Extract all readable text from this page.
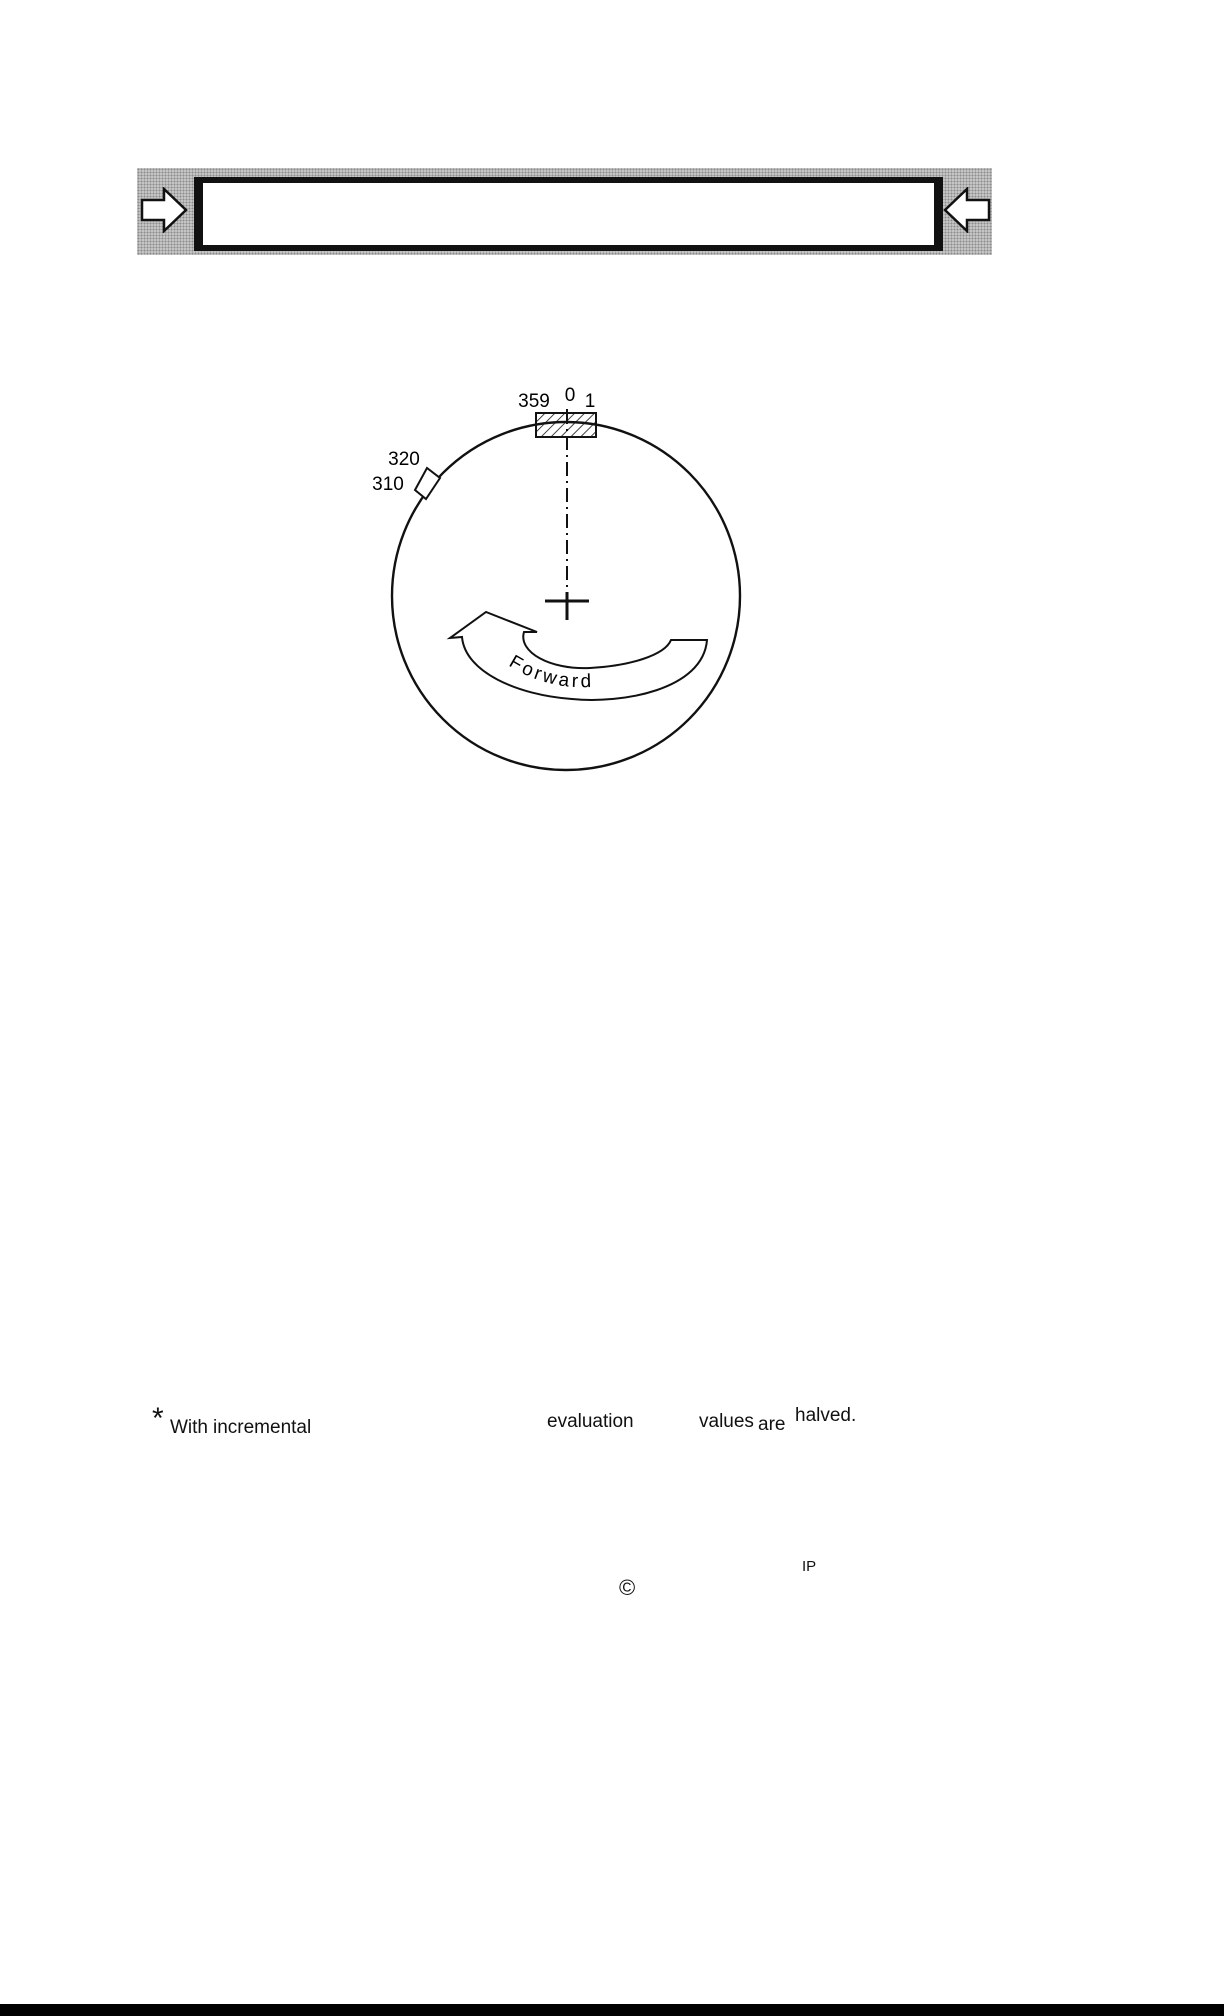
0
359 1
320
310
Forward
* With incremental	evaluation	values are halved.
IP
©
